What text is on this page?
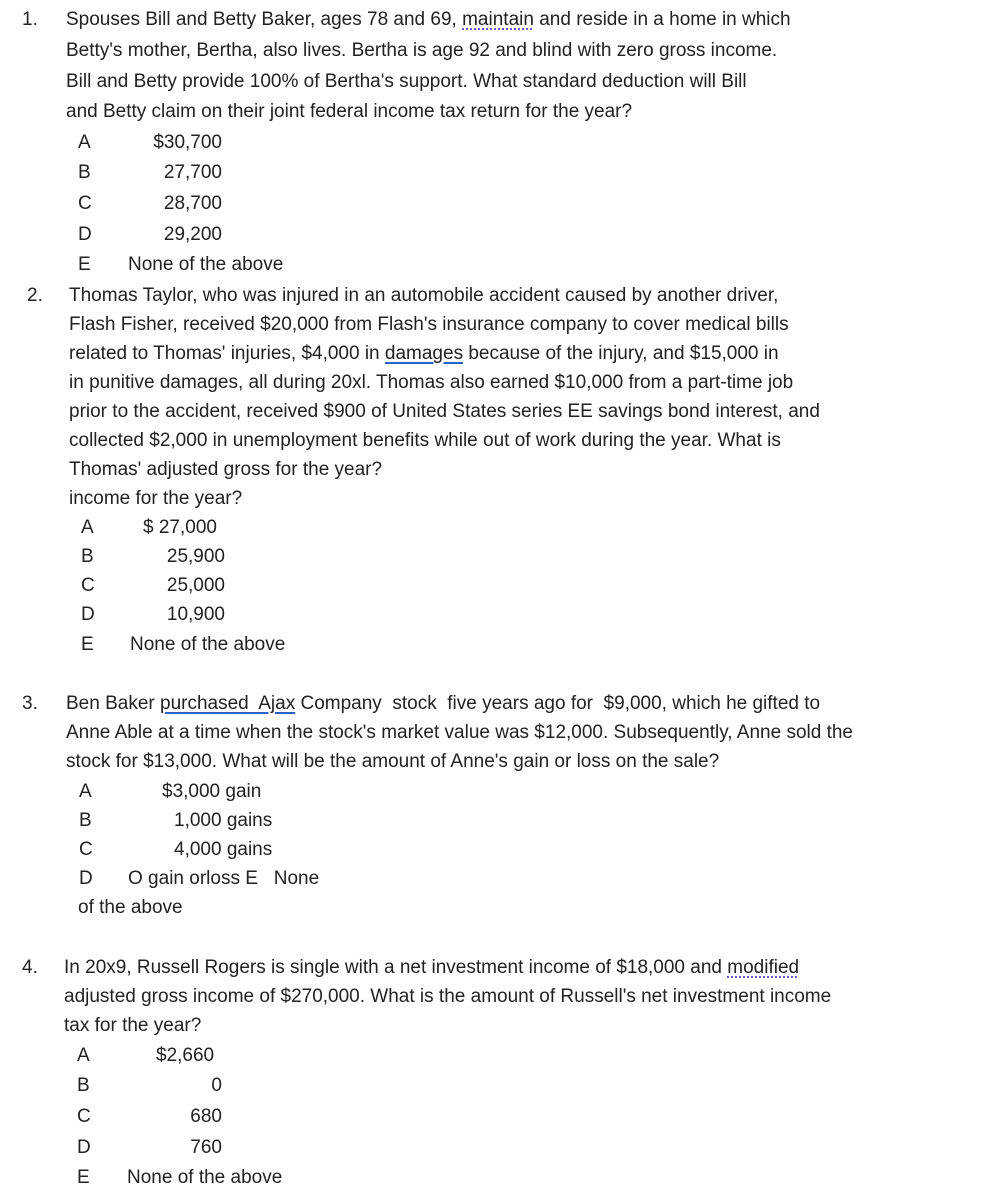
1. Spouses Bill and Betty Baker, ages 78 and 69, maintain and reside in a home in which
Betty's mother, Bertha, also lives. Bertha is age 92 and blind with zero gross income.
Bill and Betty provide 100% of Bertha's support. What standard deduction will Bill
and Betty claim on their joint federal income tax return for the year?
A	$30,700
B	27,700
C	28,700
D	29,200
E None of the above
2. Thomas Taylor, who was injured in an automobile accident caused by another driver,
Flash Fisher, received $20,000 from Flash's insurance company to cover medical bills
related to Thomas' injuries, $4,000 in damages because of the injury, and $15,000 in
in punitive damages, all during 20xl. Thomas also earned $10,000 from a part-time job
prior to the accident, received $900 of United States series EE savings bond interest, and
collected $2,000 in unemployment benefits while out of work during the year. What is
Thomas' adjusted gross for the year?
income for the year?
A	$ 27,000
B	25,900
C	25,000
D	10,900
E None of the above
3. Ben Baker purchased  Ajax Company  stock  five years ago for  $9,000, which he gifted to
Anne Able at a time when the stock's market value was $12,000. Subsequently, Anne sold the
stock for $13,000. What will be the amount of Anne's gain or loss on the sale?
A	$3,000 gain
B	1,000 gains
C	4,000 gains
D O gain orloss E   None
of the above
4. In 20x9, Russell Rogers is single with a net investment income of $18,000 and modified
adjusted gross income of $270,000. What is the amount of Russell's net investment income
tax for the year?
A	$2,660
B	0
C	680
D	760
E None of the above
